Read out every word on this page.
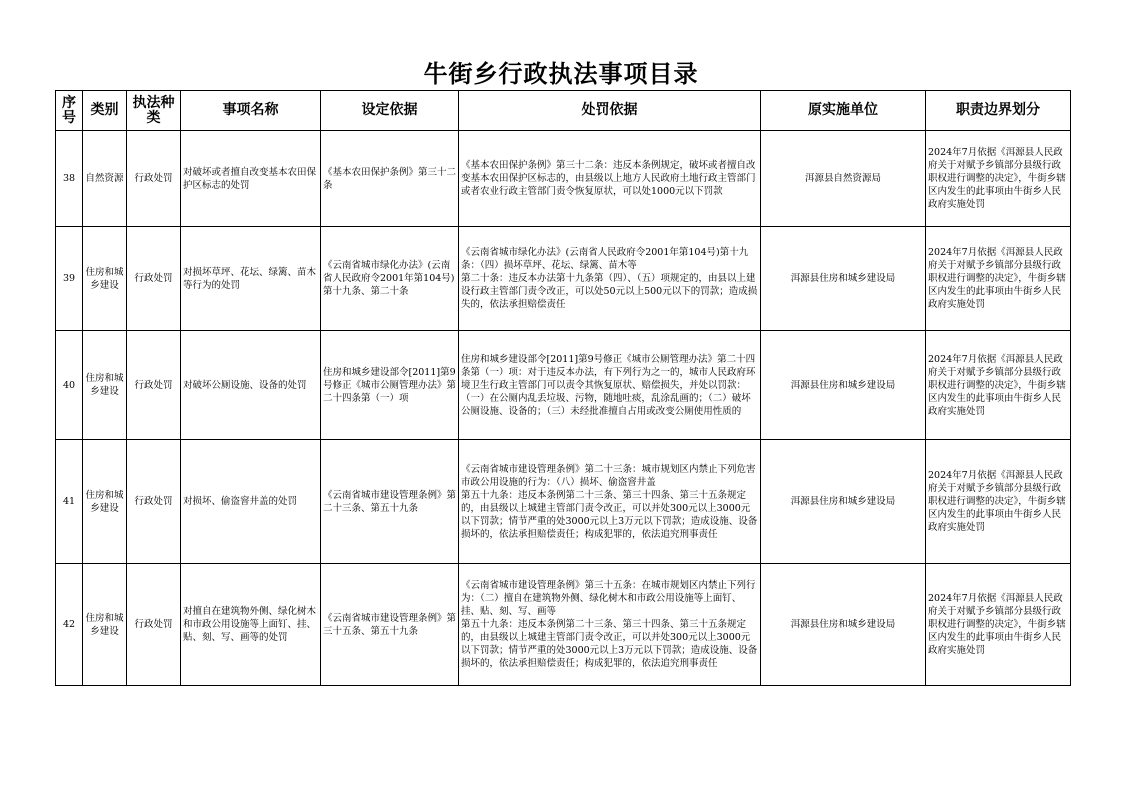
牛街乡行政执法事项目录
序号	类别	执法种类	事项名称	设定依据	处罚依据	原实施单位	职责边界划分
38	自然资源	行政处罚	对破坏或者擅自改变基本农田保护区标志的处罚	《基本农田保护条例》第三十二条	《基本农田保护条例》第三十二条：违反本条例规定，破坏或者擅自改变基本农田保护区标志的，由县级以上地方人民政府土地行政主管部门或者农业行政主管部门责令恢复原状，可以处1000元以下罚款	洱源县自然资源局	2024年7月依据《洱源县人民政府关于对赋予乡镇部分县级行政职权进行调整的决定》，牛街乡辖区内发生的此事项由牛街乡人民政府实施处罚
39	住房和城乡建设	行政处罚	对损坏草坪、花坛、绿篱、苗木等行为的处罚	《云南省城市绿化办法》(云南省人民政府令2001年第104号)第十九条、第二十条	《云南省城市绿化办法》(云南省人民政府令2001年第104号)第十九条：（四）损坏草坪、花坛、绿篱、苗木等
第二十条：违反本办法第十九条第（四）、（五）项规定的，由县以上建设行政主管部门责令改正，可以处50元以上500元以下的罚款；造成损失的，依法承担赔偿责任	洱源县住房和城乡建设局	2024年7月依据《洱源县人民政府关于对赋予乡镇部分县级行政职权进行调整的决定》，牛街乡辖区内发生的此事项由牛街乡人民政府实施处罚
40	住房和城乡建设	行政处罚	对破坏公厕设施、设备的处罚	住房和城乡建设部令[2011]第9号修正《城市公厕管理办法》第二十四条第（一）项	住房和城乡建设部令[2011]第9号修正《城市公厕管理办法》第二十四条第（一）项：对于违反本办法，有下列行为之一的，城市人民政府环境卫生行政主管部门可以责令其恢复原状、赔偿损失，并处以罚款：（一）在公厕内乱丢垃圾、污物，随地吐痰，乱涂乱画的；（二）破坏公厕设施、设备的；（三）未经批准擅自占用或改变公厕使用性质的	洱源县住房和城乡建设局	2024年7月依据《洱源县人民政府关于对赋予乡镇部分县级行政职权进行调整的决定》，牛街乡辖区内发生的此事项由牛街乡人民政府实施处罚
41	住房和城乡建设	行政处罚	对损坏、偷盗窨井盖的处罚	《云南省城市建设管理条例》第二十三条、第五十九条	《云南省城市建设管理条例》第二十三条：城市规划区内禁止下列危害市政公用设施的行为：（八）损坏、偷盗窨井盖
第五十九条：违反本条例第二十三条、第三十四条、第三十五条规定的，由县级以上城建主管部门责令改正，可以并处300元以上3000元以下罚款；情节严重的处3000元以上3万元以下罚款；造成设施、设备损坏的，依法承担赔偿责任；构成犯罪的，依法追究刑事责任	洱源县住房和城乡建设局	2024年7月依据《洱源县人民政府关于对赋予乡镇部分县级行政职权进行调整的决定》，牛街乡辖区内发生的此事项由牛街乡人民政府实施处罚
42	住房和城乡建设	行政处罚	对擅自在建筑物外侧、绿化树木和市政公用设施等上面钉、挂、贴、刻、写、画等的处罚	《云南省城市建设管理条例》第三十五条、第五十九条	《云南省城市建设管理条例》第三十五条：在城市规划区内禁止下列行为：（二）擅自在建筑物外侧、绿化树木和市政公用设施等上面钉、挂、贴、刻、写、画等
第五十九条：违反本条例第二十三条、第三十四条、第三十五条规定的，由县级以上城建主管部门责令改正，可以并处300元以上3000元以下罚款；情节严重的处3000元以上3万元以下罚款；造成设施、设备损坏的，依法承担赔偿责任；构成犯罪的，依法追究刑事责任	洱源县住房和城乡建设局	2024年7月依据《洱源县人民政府关于对赋予乡镇部分县级行政职权进行调整的决定》，牛街乡辖区内发生的此事项由牛街乡人民政府实施处罚
